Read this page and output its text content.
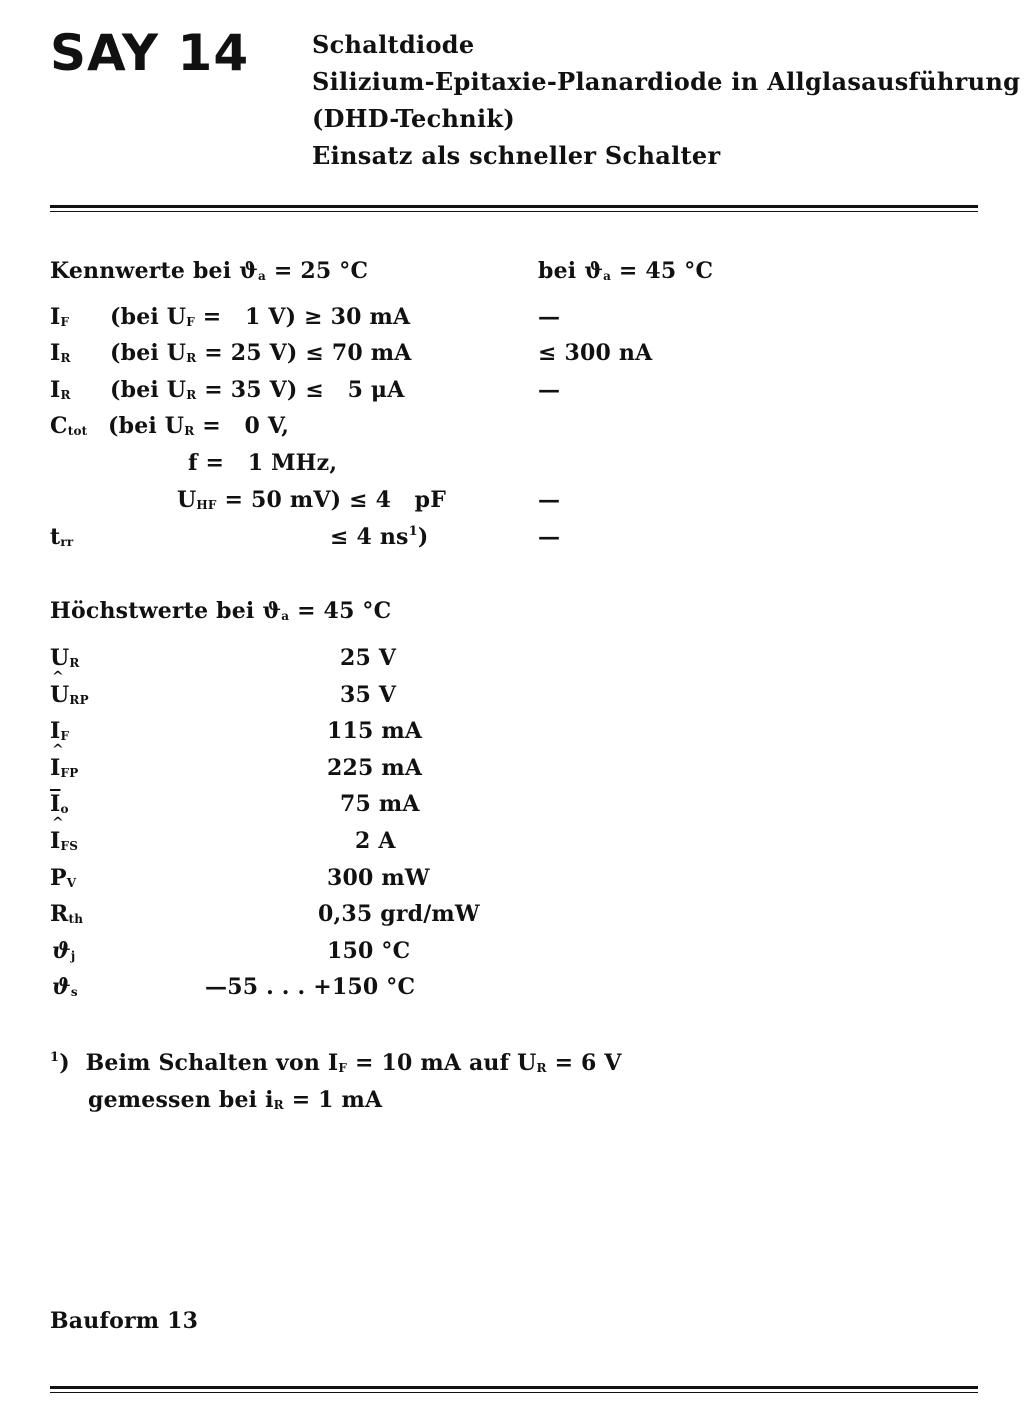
SAY 14	Schaltdiode
Silizium-Epitaxie-Planardiode in Allglasausführung
(DHD-Technik)
Einsatz als schneller Schalter
Kennwerte bei $ϑ_a = 25$ °C	bei $ϑ_a = 45$ °C
$I_F$ (bei $U_F = 1$ V) ≥ 30 mA	—
$I_R$ (bei $U_R = 25$ V) ≤ 70 mA	≤ 300 nA
$I_R$ (bei $U_R = 35$ V) ≤   5 μA	—
$C_{tot}$ (bei $U_R = 0$ V,
f =   1 MHz,
$U_{HF} = 50$ mV) ≤ 4   pF	—
$t_{rr}$	≤ 4 $ns^1$)	—
Höchstwerte bei $ϑ_a = 45$ °C
$U_R$	25 V
^ $U_{RP}$	35 V
$I_F$	115 mA
^ $I_{FP}$	225 mA
$\overline{I}_o$	75 mA
^ $I_{FS}$	2 A
$P_V$	300 mW
$R_{th}$	0,35 grd/mW
$ϑ_j$	150 °C
$ϑ_s$	—55 . . . +150 °C
$^1$) Beim Schalten von $I_F = 10$ mA auf $U_R = 6$ V
gemessen bei $i_R = 1$ mA
Bauform 13
